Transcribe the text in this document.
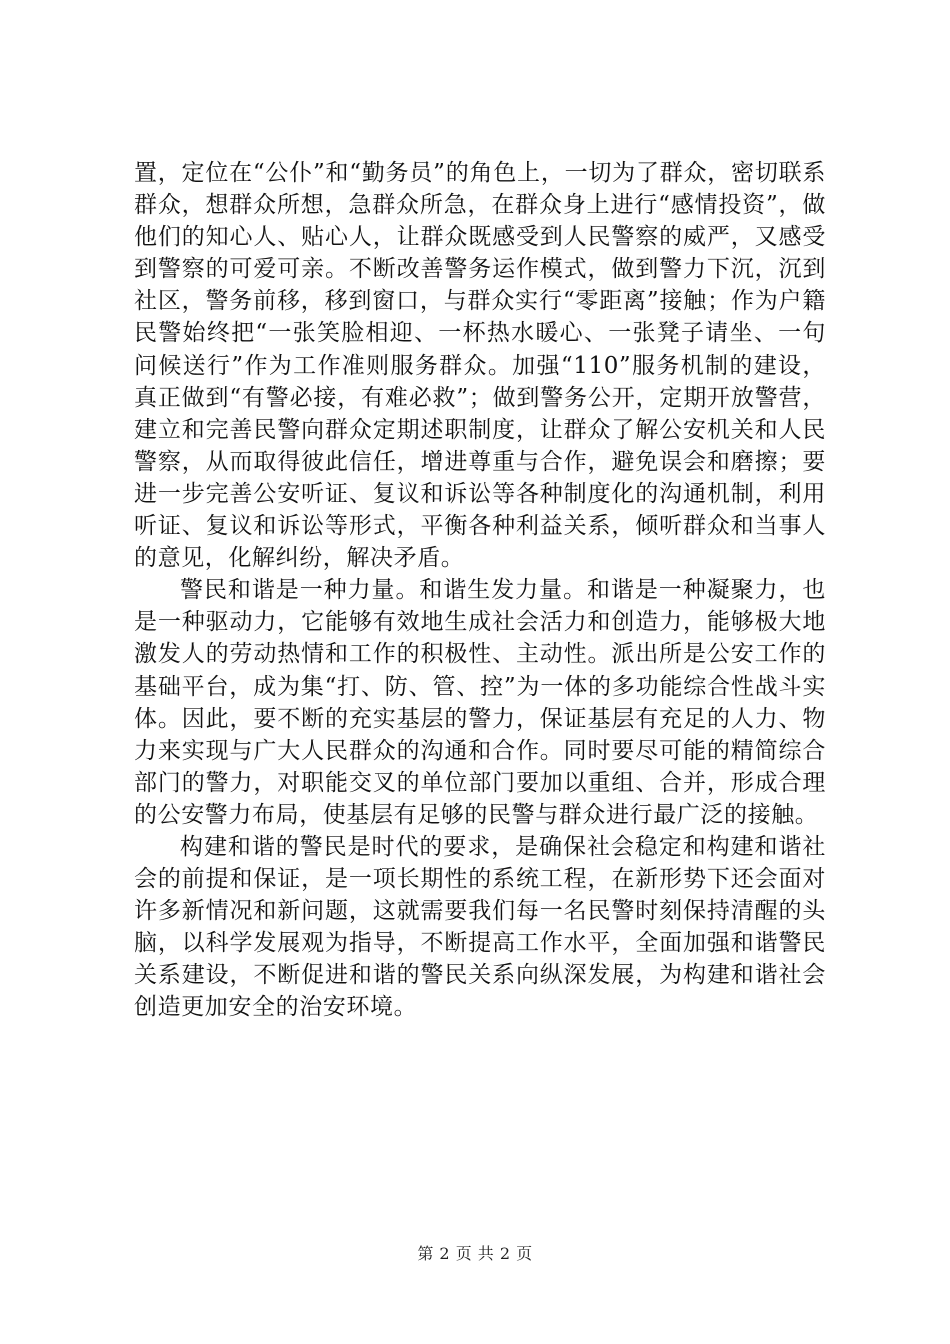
置，定位在“公仆”和“勤务员”的角色上，一切为了群众，密切联系群众，想群众所想，急群众所急，在群众身上进行“感情投资”，做他们的知心人、贴心人，让群众既感受到人民警察的威严，又感受到警察的可爱可亲。不断改善警务运作模式，做到警力下沉，沉到社区，警务前移，移到窗口，与群众实行“零距离”接触；作为户籍民警始终把“一张笑脸相迎、一杯热水暖心、一张凳子请坐、一句问候送行”作为工作准则服务群众。加强“110”服务机制的建设，真正做到“有警必接，有难必救”；做到警务公开，定期开放警营，建立和完善民警向群众定期述职制度，让群众了解公安机关和人民警察，从而取得彼此信任，增进尊重与合作，避免误会和磨擦；要进一步完善公安听证、复议和诉讼等各种制度化的沟通机制，利用听证、复议和诉讼等形式，平衡各种利益关系，倾听群众和当事人的意见，化解纠纷，解决矛盾。

警民和谐是一种力量。和谐生发力量。和谐是一种凝聚力，也是一种驱动力，它能够有效地生成社会活力和创造力，能够极大地激发人的劳动热情和工作的积极性、主动性。派出所是公安工作的基础平台，成为集“打、防、管、控”为一体的多功能综合性战斗实体。因此，要不断的充实基层的警力，保证基层有充足的人力、物力来实现与广大人民群众的沟通和合作。同时要尽可能的精简综合部门的警力，对职能交叉的单位部门要加以重组、合并，形成合理的公安警力布局，使基层有足够的民警与群众进行最广泛的接触。

构建和谐的警民是时代的要求，是确保社会稳定和构建和谐社会的前提和保证，是一项长期性的系统工程，在新形势下还会面对许多新情况和新问题，这就需要我们每一名民警时刻保持清醒的头脑，以科学发展观为指导，不断提高工作水平，全面加强和谐警民关系建设，不断促进和谐的警民关系向纵深发展，为构建和谐社会创造更加安全的治安环境。

第 2 页 共 2 页
